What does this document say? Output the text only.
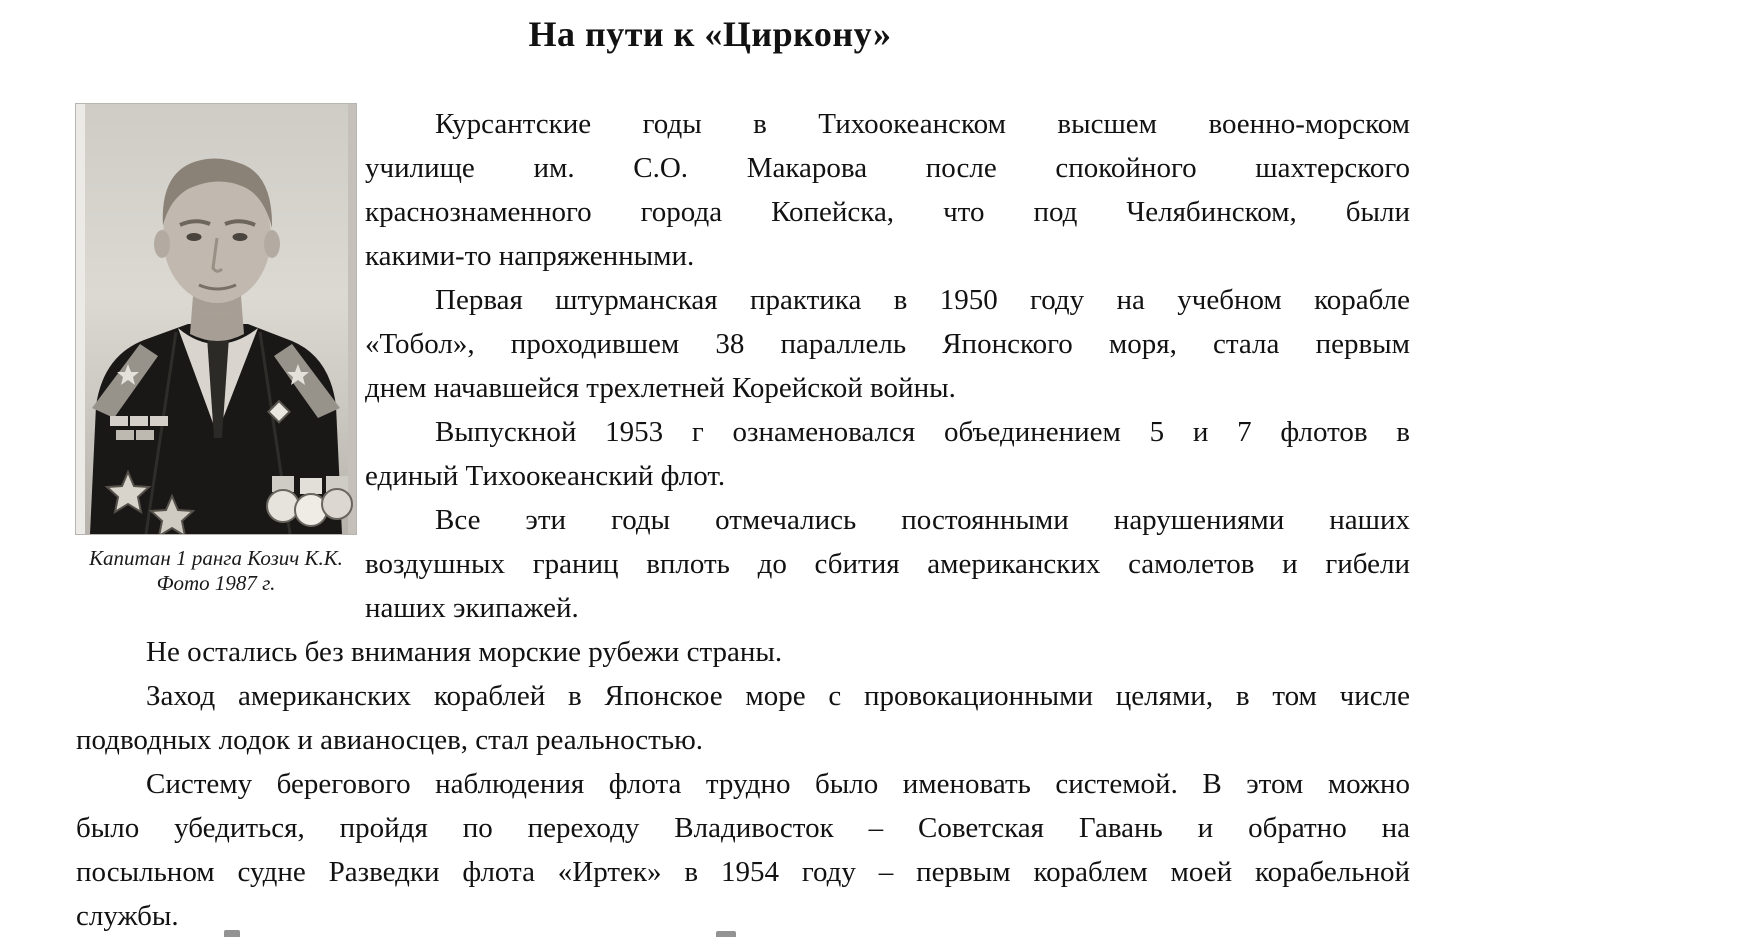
На пути к «Циркону»
Капитан 1 ранга Козич К.К.
Фото 1987 г.
Курсантские годы в Тихоокеанском высшем военно-морском
училище им. С.О. Макарова после спокойного шахтерского
краснознаменного города Копейска, что под Челябинском, были
какими-то напряженными.
Первая штурманская практика в 1950 году на учебном корабле
«Тобол», проходившем 38 параллель Японского моря, стала первым
днем начавшейся трехлетней Корейской войны.
Выпускной 1953 г ознаменовался объединением 5 и 7 флотов в
единый Тихоокеанский флот.
Все эти годы отмечались постоянными нарушениями наших
воздушных границ вплоть до сбития американских самолетов и гибели
наших экипажей.
Не остались без внимания морские рубежи страны.
Заход американских кораблей в Японское море с провокационными целями, в том числе
подводных лодок и авианосцев, стал реальностью.
Систему берегового наблюдения флота трудно было именовать системой. В этом можно
было убедиться, пройдя по переходу Владивосток – Советская Гавань и обратно на
посыльном судне Разведки флота «Иртек» в 1954 году – первым кораблем моей корабельной
службы.
